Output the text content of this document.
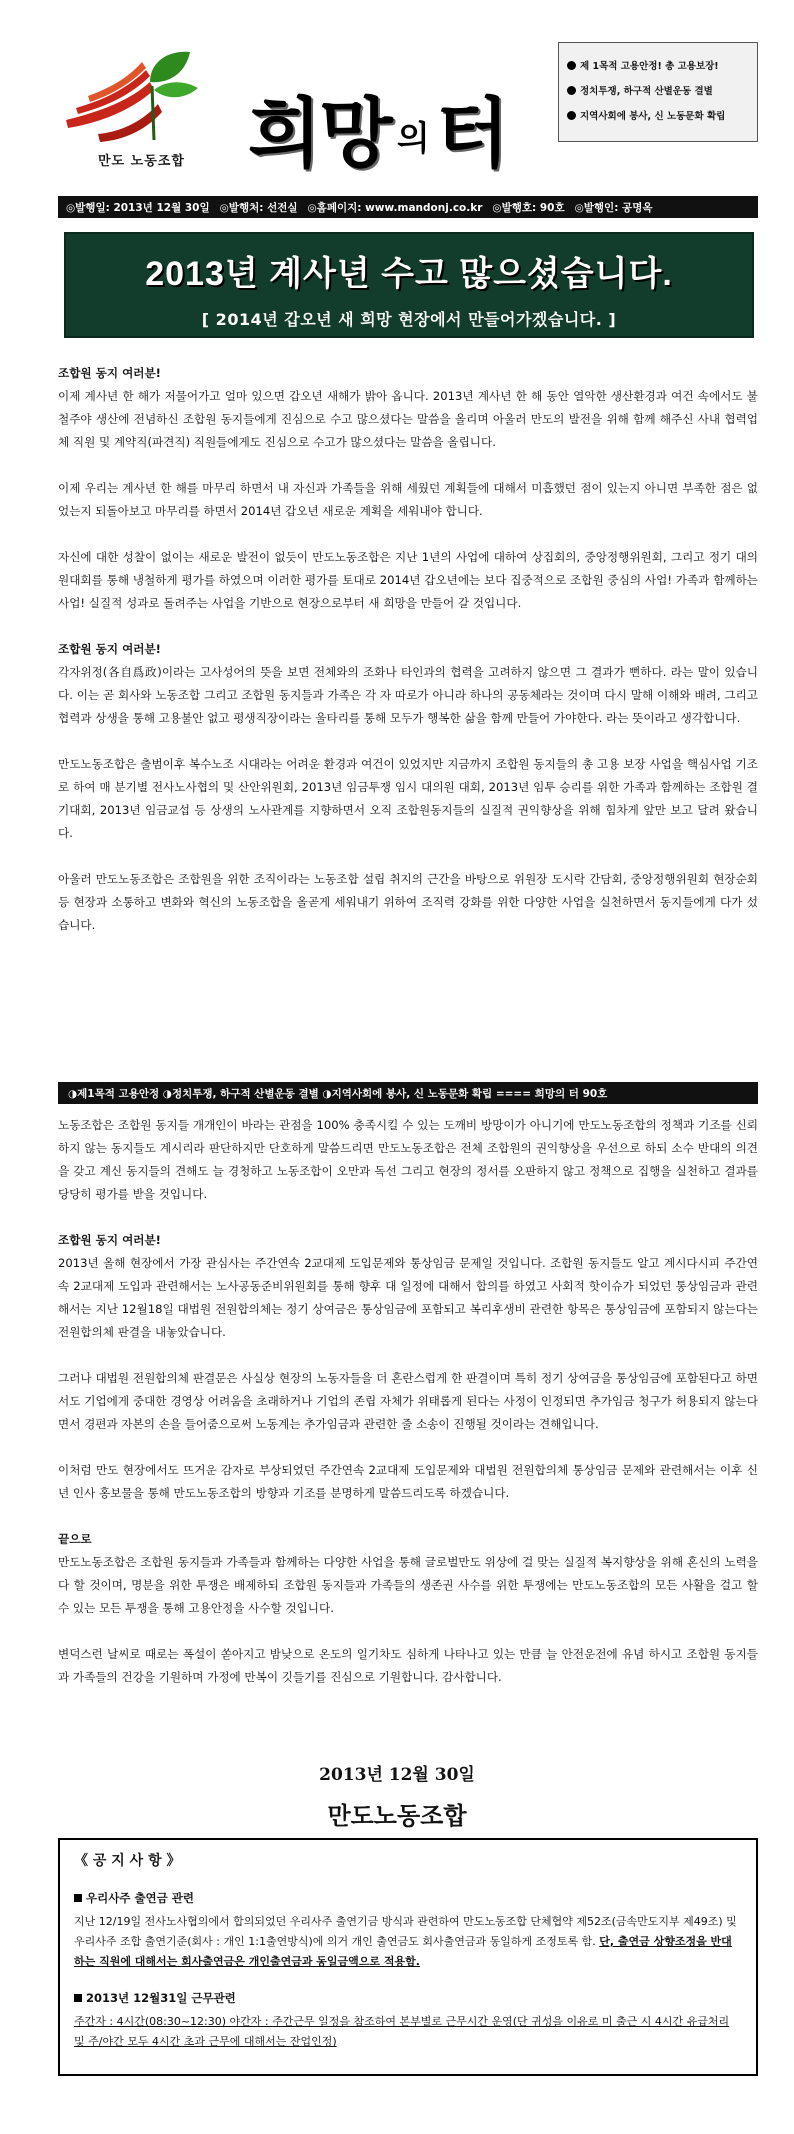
만도 노동조합 희망 의 터
제 1목적 고용안정! 총 고용보장!
정치투쟁, 하구적 산별운동 결별
지역사회에 봉사, 신 노동문화 확립
◎발행일: 2013년 12월 30일 ◎발행처: 선전실 ◎홈페이지: www.mandonj.co.kr ◎발행호: 90호 ◎발행인: 공명옥
2013년 계사년 수고 많으셨습니다.
[ 2014년 갑오년 새 희망 현장에서 만들어가겠습니다. ]

조합원 동지 여러분!

이제 계사년 한 해가 저물어가고 얼마 있으면 갑오년 새해가 밝아 옵니다. 2013년 계사년 한 해 동안 열악한 생산환경과 여건 속에서도 불철주야 생산에 전념하신 조합원 동지들에게 진심으로 수고 많으셨다는 말씀을 올리며 아울러 만도의 발전을 위해 함께 해주신 사내 협력업체 직원 및 계약직(파견직) 직원들에게도 진심으로 수고가 많으셨다는 말씀을 올립니다.

이제 우리는 계사년 한 해를 마무리 하면서 내 자신과 가족들을 위해 세웠던 계획들에 대해서 미흡했던 점이 있는지 아니면 부족한 점은 없었는지 되돌아보고 마무리를 하면서 2014년 갑오년 새로운 계획을 세워내야 합니다.

자신에 대한 성찰이 없이는 새로운 발전이 없듯이 만도노동조합은 지난 1년의 사업에 대하여 상집회의, 중앙정행위원회, 그리고 정기 대의원대회를 통해 냉철하게 평가를 하였으며 이러한 평가를 토대로 2014년 갑오년에는 보다 집중적으로 조합원 중심의 사업! 가족과 함께하는 사업! 실질적 성과로 돌려주는 사업을 기반으로 현장으로부터 새 희망을 만들어 갈 것입니다.

조합원 동지 여러분!

각자위정(各自爲政)이라는 고사성어의 뜻을 보면 전체와의 조화나 타인과의 협력을 고려하지 않으면 그 결과가 뻔하다. 라는 말이 있습니다. 이는 곧 회사와 노동조합 그리고 조합원 동지들과 가족은 각 자 따로가 아니라 하나의 공동체라는 것이며 다시 말해 이해와 배려, 그리고 협력과 상생을 통해 고용불안 없고 평생직장이라는 울타리를 통해 모두가 행복한 삶을 함께 만들어 가야한다. 라는 뜻이라고 생각합니다.

만도노동조합은 출범이후 복수노조 시대라는 어려운 환경과 여건이 있었지만 지금까지 조합원 동지들의 총 고용 보장 사업을 핵심사업 기조로 하여 매 분기별 전사노사협의 및 산안위원회, 2013년 임금투쟁 임시 대의원 대회, 2013년 임투 승리를 위한 가족과 함께하는 조합원 결기대회, 2013년 임금교섭 등 상생의 노사관계를 지향하면서 오직 조합원동지들의 실질적 권익향상을 위해 힘차게 앞만 보고 달려 왔습니다.

아울러 만도노동조합은 조합원을 위한 조직이라는 노동조합 설립 취지의 근간을 바탕으로 위원장 도시락 간담회, 중앙정행위원회 현장순회 등 현장과 소통하고 변화와 혁신의 노동조합을 올곧게 세워내기 위하여 조직력 강화를 위한 다양한 사업을 실천하면서 동지들에게 다가 섰습니다.

◑제1목적 고용안정 ◑정치투쟁, 하구적 산별운동 결별 ◑지역사회에 봉사, 신 노동문화 확립 ==== 희망의 터 90호

노동조합은 조합원 동지들 개개인이 바라는 관점을 100% 충족시킬 수 있는 도깨비 방망이가 아니기에 만도노동조합의 정책과 기조를 신뢰하지 않는 동지들도 계시리라 판단하지만 단호하게 말씀드리면 만도노동조합은 전체 조합원의 권익향상을 우선으로 하되 소수 반대의 의견을 갖고 계신 동지들의 견해도 늘 경청하고 노동조합이 오만과 독선 그리고 현장의 정서를 오판하지 않고 정책으로 집행을 실천하고 결과를 당당히 평가를 받을 것입니다.

조합원 동지 여러분!

2013년 올해 현장에서 가장 관심사는 주간연속 2교대제 도입문제와 통상임금 문제일 것입니다. 조합원 동지들도 알고 계시다시피 주간연속 2교대제 도입과 관련해서는 노사공동준비위원회를 통해 향후 대 일정에 대해서 합의를 하였고 사회적 핫이슈가 되었던 통상임금과 관련해서는 지난 12월18일 대법원 전원합의체는 정기 상여금은 통상임금에 포함되고 복리후생비 관련한 항목은 통상임금에 포함되지 않는다는 전원합의체 판결을 내놓았습니다.

그러나 대법원 전원합의체 판결문은 사실상 현장의 노동자들을 더 혼란스럽게 한 판결이며 특히 정기 상여금을 통상임금에 포함된다고 하면서도 기업에게 중대한 경영상 어려움을 초래하거나 기업의 존립 자체가 위태롭게 된다는 사정이 인정되면 추가임금 청구가 허용되지 않는다면서 경편과 자본의 손을 들어줌으로써 노동계는 추가임금과 관련한 줄 소송이 진행될 것이라는 견해입니다.

이처럼 만도 현장에서도 뜨거운 감자로 부상되었던 주간연속 2교대제 도입문제와 대법원 전원합의체 통상임금 문제와 관련해서는 이후 신년 인사 홍보물을 통해 만도노동조합의 방향과 기조를 분명하게 말씀드리도록 하겠습니다.

끝으로

만도노동조합은 조합원 동지들과 가족들과 함께하는 다양한 사업을 통해 글로벌만도 위상에 걸 맞는 실질적 복지향상을 위해 혼신의 노력을 다 할 것이며, 명분을 위한 투쟁은 배제하되 조합원 동지들과 가족들의 생존권 사수를 위한 투쟁에는 만도노동조합의 모든 사활을 걸고 할 수 있는 모든 투쟁을 통해 고용안정을 사수할 것입니다.

변덕스런 날씨로 때로는 폭설이 쏟아지고 밤낮으로 온도의 일기차도 심하게 나타나고 있는 만큼 늘 안전운전에 유념 하시고 조합원 동지들과 가족들의 건강을 기원하며 가정에 만복이 깃들기를 진심으로 기원합니다. 감사합니다.

2013년 12월 30일
만도노동조합
《 공 지 사 항 》
우리사주 출연금 관련
지난 12/19일 전사노사협의에서 합의되었던 우리사주 출연기금 방식과 관련하여 만도노동조합 단체협약 제52조(금속만도지부 제49조) 및 우리사주 조합 출연기준(회사 : 개인 1:1출연방식)에 의거 개인 출연금도 회사출연금과 동일하게 조정토록 함. 단, 출연금 상향조정을 반대하는 직원에 대해서는 회사출연금은 개인출연금과 동일금액으로 적용함.
2013년 12월31일 근무관련
주간자 : 4시간(08:30~12:30) 야간자 : 주간근무 일정을 참조하여 본부별로 근무시간 운영(단 귀성을 이유로 미 출근 시 4시간 유급처리 및 주/야간 모두 4시간 초과 근무에 대해서는 잔업인정)
